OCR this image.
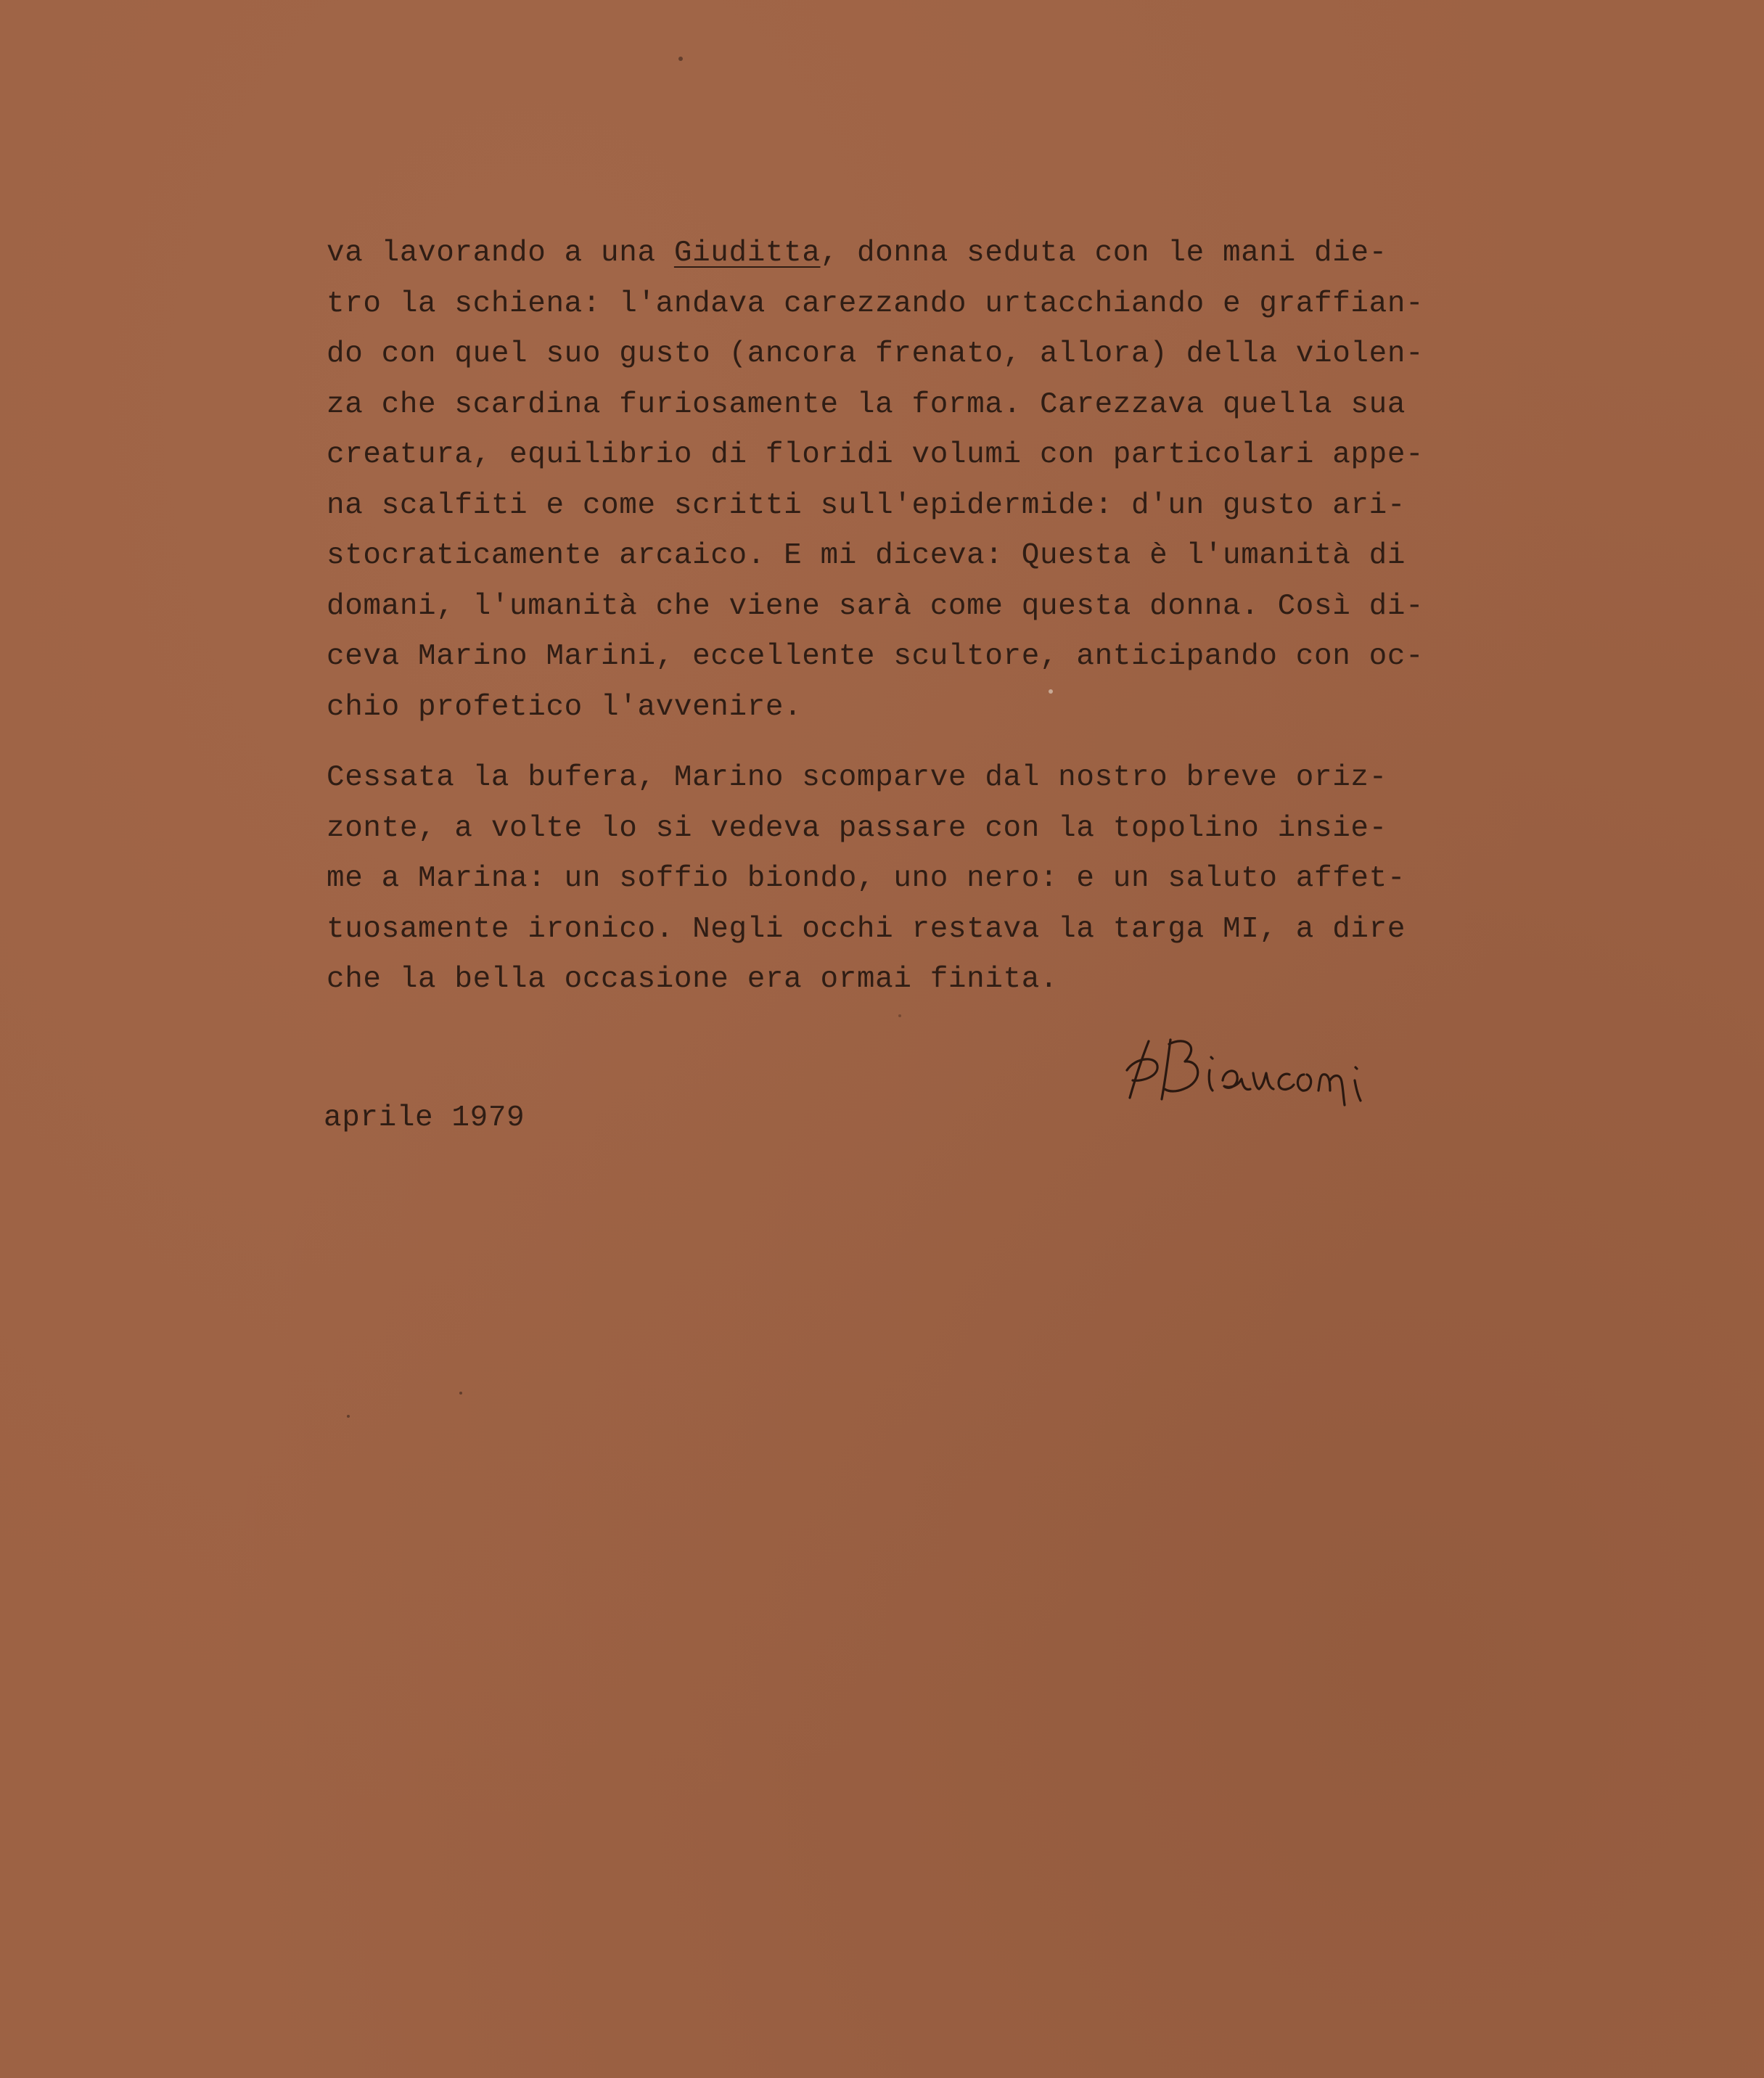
va lavorando a una Giuditta, donna seduta con le mani die-
tro la schiena: l'andava carezzando urtacchiando e graffian-
do con quel suo gusto (ancora frenato, allora) della violen-
za che scardina furiosamente la forma. Carezzava quella sua
creatura, equilibrio di floridi volumi con particolari appe-
na scalfiti e come scritti sull'epidermide: d'un gusto ari-
stocraticamente arcaico. E mi diceva: Questa è l'umanità di
domani, l'umanità che viene sarà come questa donna. Così di-
ceva Marino Marini, eccellente scultore, anticipando con oc-
chio profetico l'avvenire.
Cessata la bufera, Marino scomparve dal nostro breve oriz-
zonte, a volte lo si vedeva passare con la topolino insie-
me a Marina: un soffio biondo, uno nero: e un saluto affet-
tuosamente ironico. Negli occhi restava la targa MI, a dire
che la bella occasione era ormai finita.
aprile 1979
